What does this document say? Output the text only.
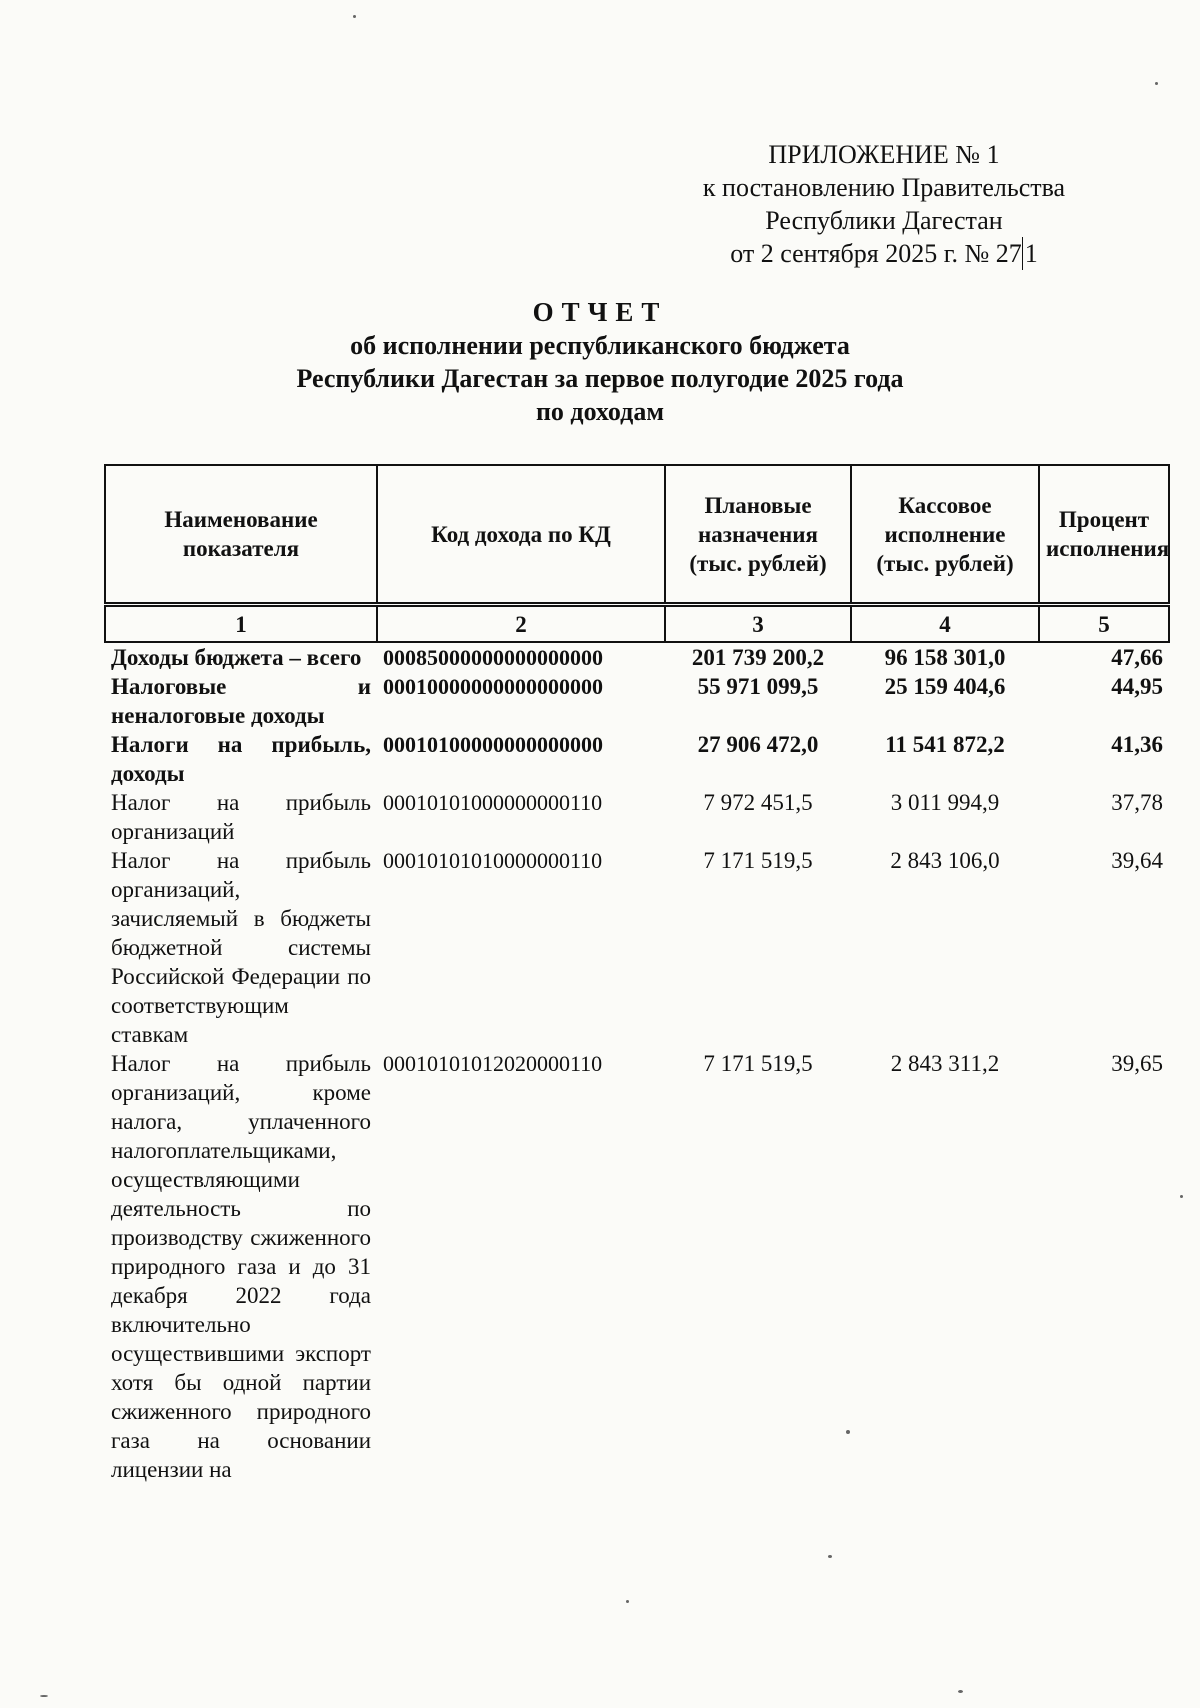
ПРИЛОЖЕНИЕ № 1
к постановлению Правительства
Республики Дагестан
от 2 сентября 2025 г. № 27 1
ОТЧЕТ
об исполнении республиканского бюджета
Республики Дагестан за первое полугодие 2025 года
по доходам
Наименование показателя	Код дохода по КД	Плановые назначения (тыс. рублей)	Кассовое исполнение (тыс. рублей)	Процент исполнения
1	2	3	4	5
Доходы бюджета – всего	00085000000000000000	201 739 200,2	96 158 301,0	47,66
Налоговые и неналоговые доходы	00010000000000000000	55 971 099,5	25 159 404,6	44,95
Налоги на прибыль, доходы	00010100000000000000	27 906 472,0	11 541 872,2	41,36
Налог на прибыль организаций	00010101000000000110	7 972 451,5	3 011 994,9	37,78
Налог на прибыль организаций, зачисляемый в бюджеты бюджетной системы Российской Федерации по соответствующим ставкам	00010101010000000110	7 171 519,5	2 843 106,0	39,64
Налог на прибыль организаций, кроме налога, уплаченного налогоплательщиками, осуществляющими деятельность по производству сжиженного природного газа и до 31 декабря 2022 года включительно осуществившими экспорт хотя бы одной партии сжиженного природного газа на основании лицензии на	00010101012020000110	7 171 519,5	2 843 311,2	39,65
